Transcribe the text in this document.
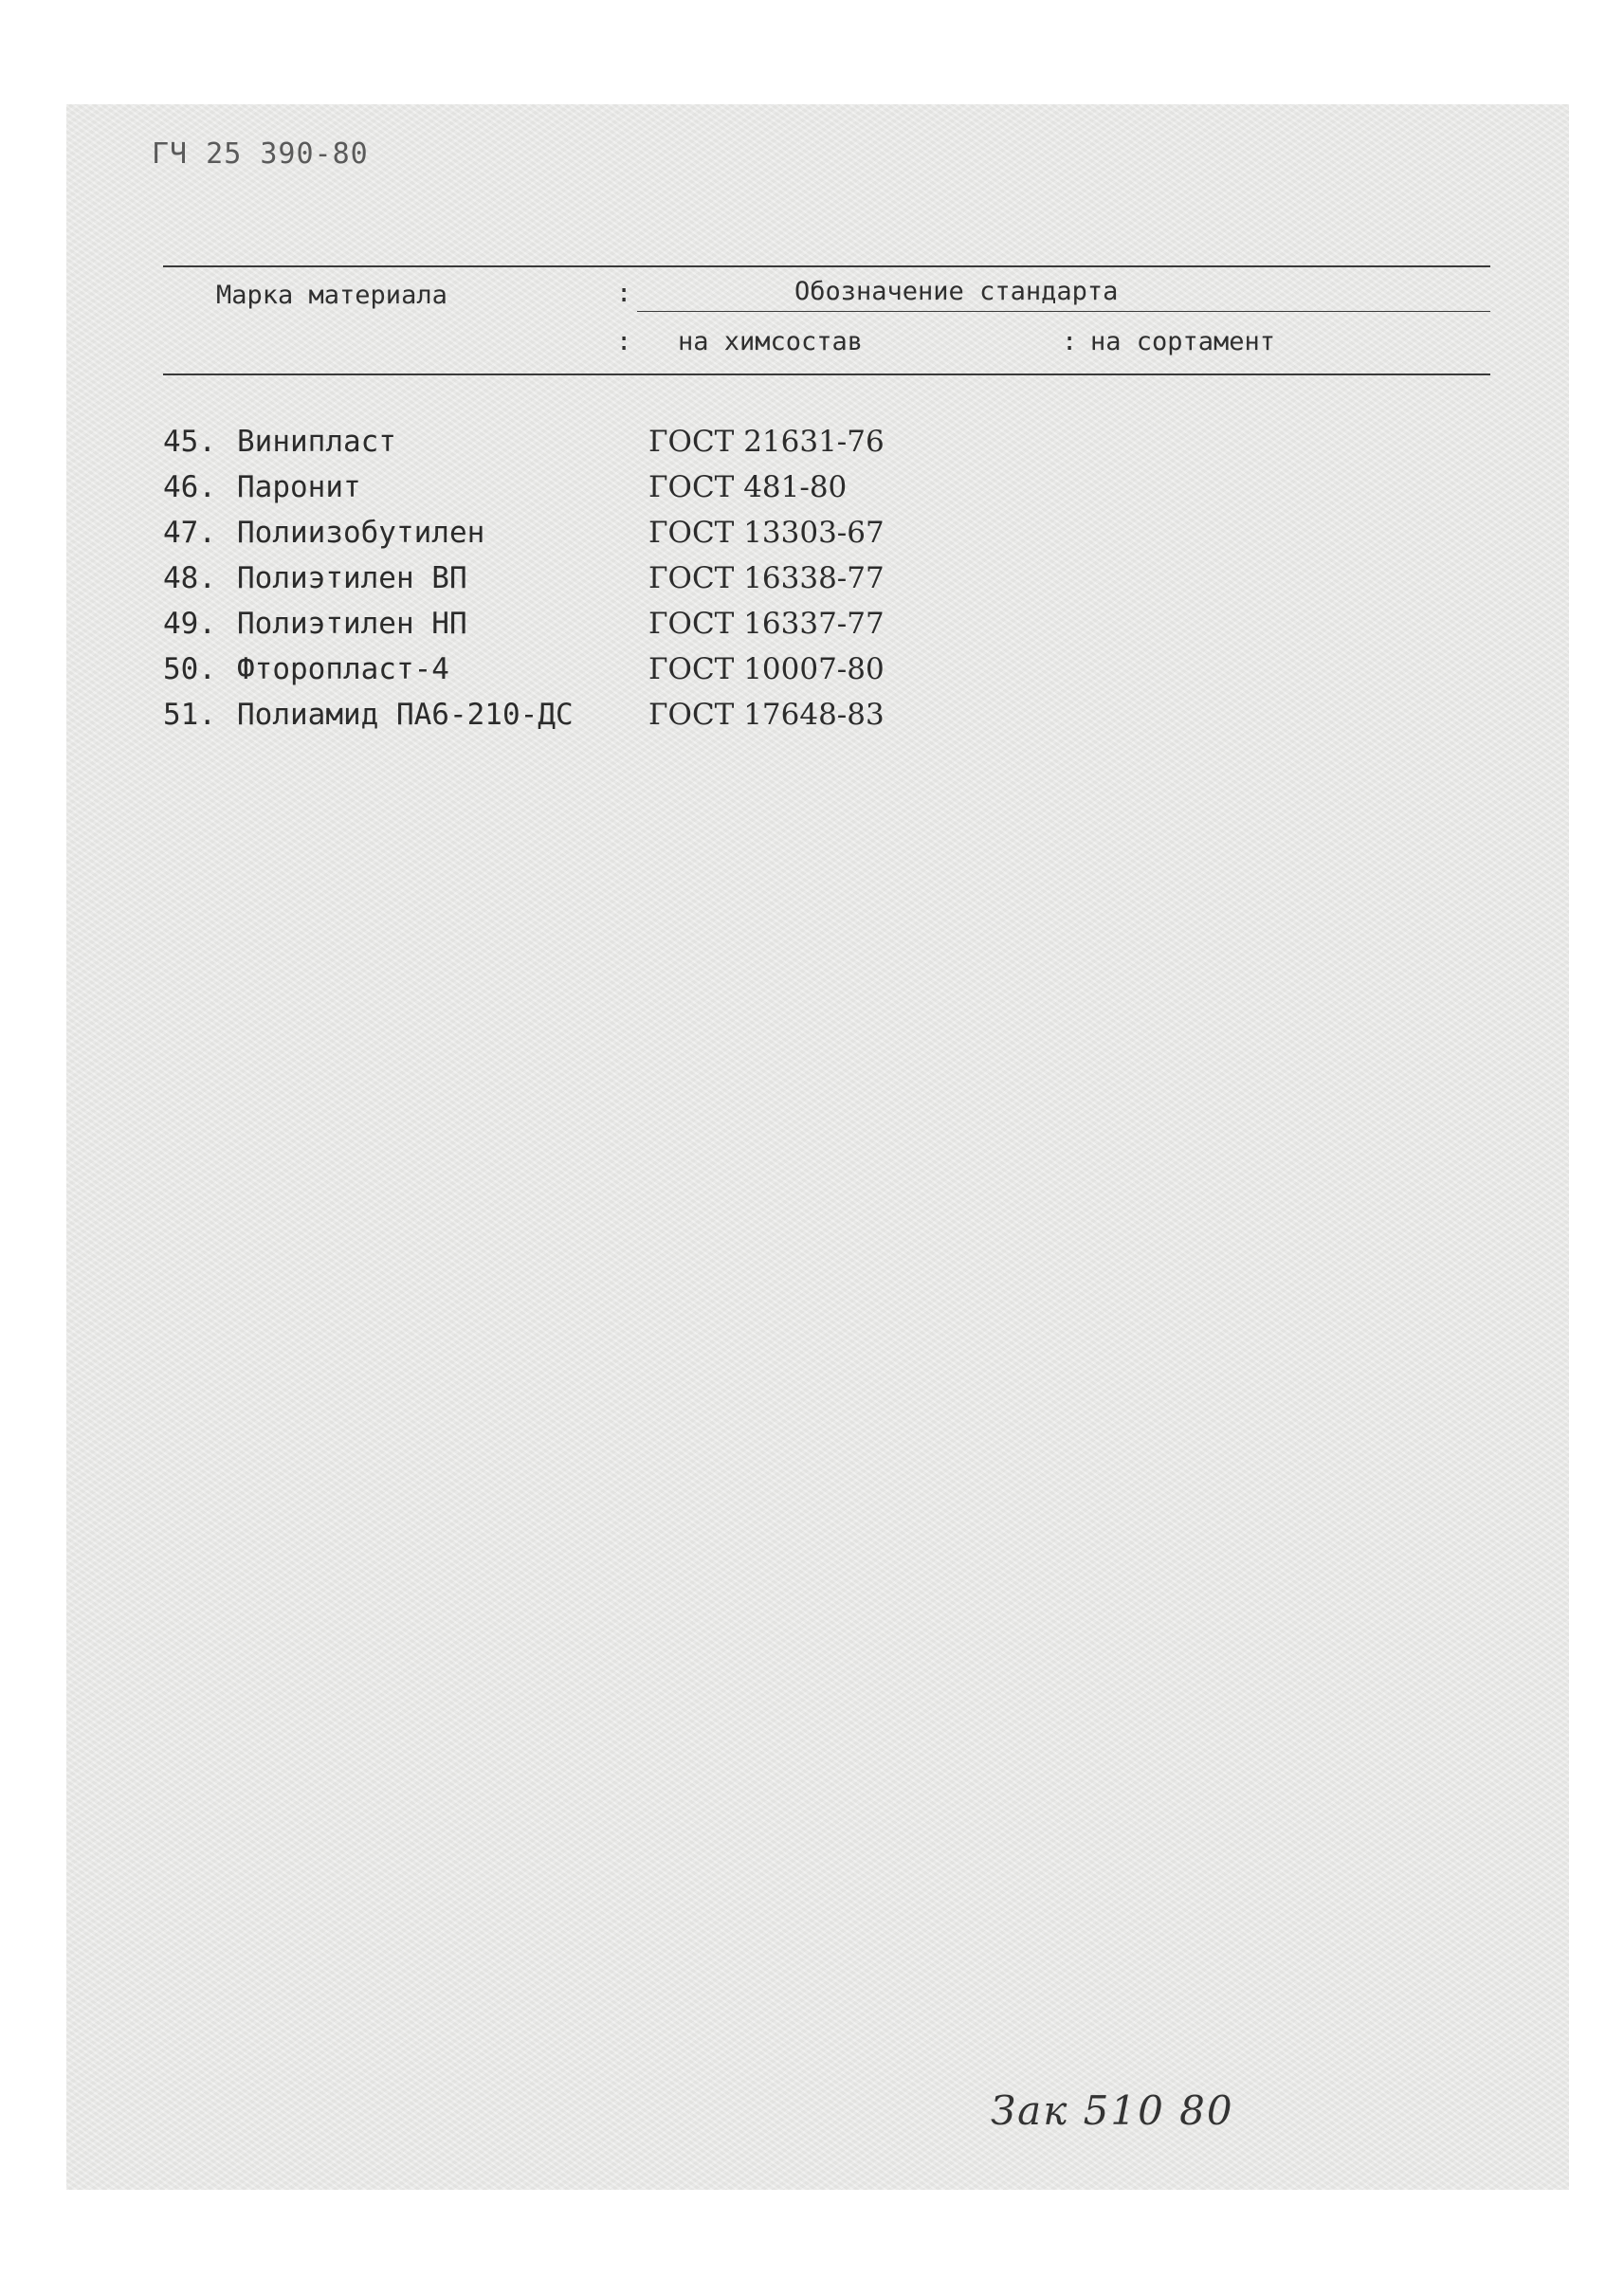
ГЧ 25 390-80
Марка материала	:	Обозначение стандарта
: на химсостав	: на сортамент
45. Винипласт	ГОСТ 21631-76
46. Паронит	ГОСТ 481-80
47. Полиизобутилен	ГОСТ 13303-67
48. Полиэтилен ВП	ГОСТ 16338-77
49. Полиэтилен НП	ГОСТ 16337-77
50. Фторопласт-4	ГОСТ 10007-80
51. Полиамид ПА6-210-ДС	ГОСТ 17648-83
Зак 510 80
